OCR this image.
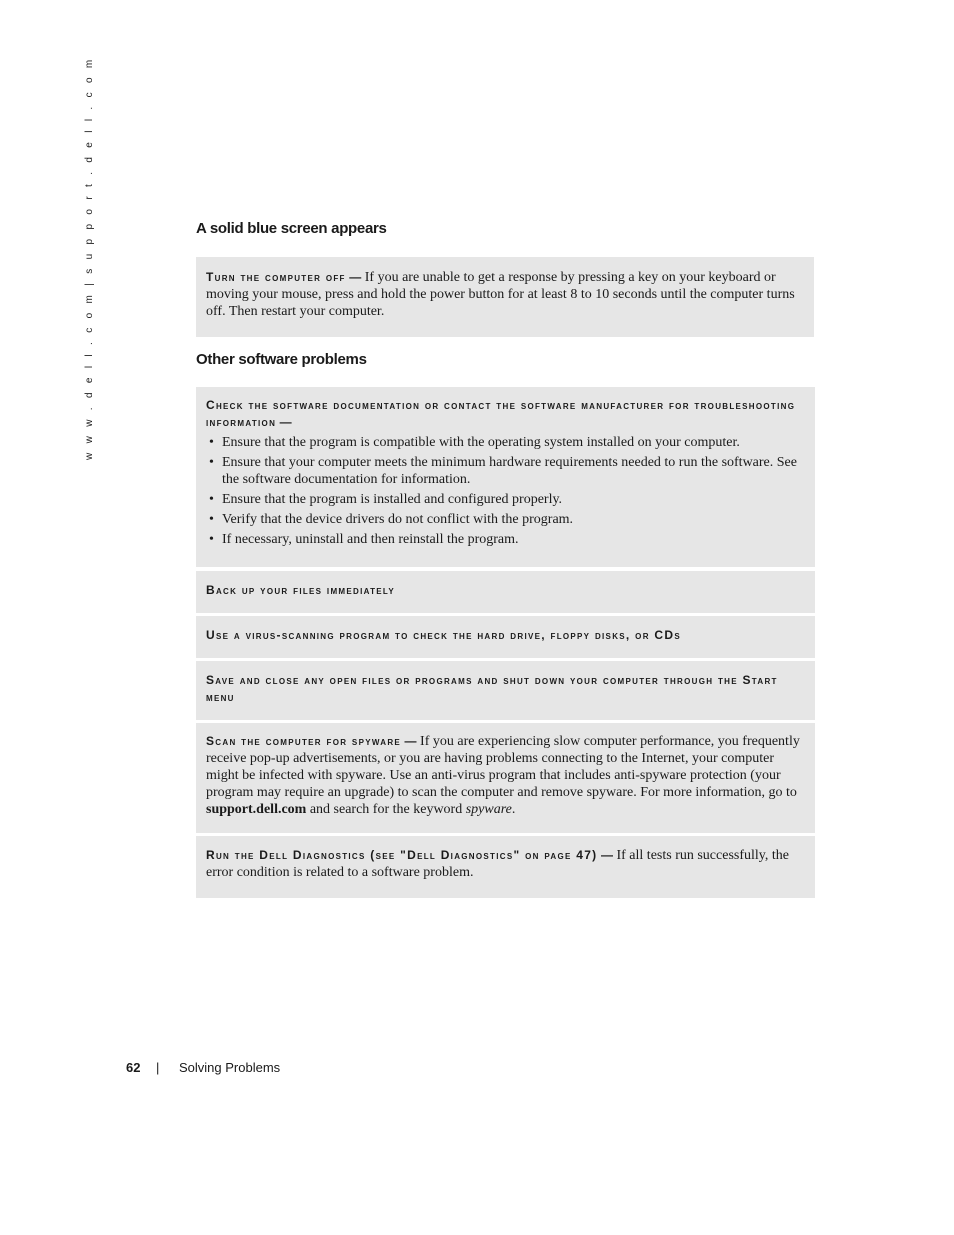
w w w . d e l l . c o m | s u p p o r t . d e l l . c o m	A solid blue screen appears
Turn the computer off — If you are unable to get a response by pressing a key on your keyboard or moving your mouse, press and hold the power button for at least 8 to 10 seconds until the computer turns off. Then restart your computer.
Other software problems
Check the software documentation or contact the software manufacturer for troubleshooting information —
• Ensure that the program is compatible with the operating system installed on your computer.
• Ensure that your computer meets the minimum hardware requirements needed to run the software. See the software documentation for information.
• Ensure that the program is installed and configured properly.
• Verify that the device drivers do not conflict with the program.
• If necessary, uninstall and then reinstall the program.
Back up your files immediately
Use a virus-scanning program to check the hard drive, floppy disks, or CDs
Save and close any open files or programs and shut down your computer through the Start menu
Scan the computer for spyware — If you are experiencing slow computer performance, you frequently receive pop-up advertisements, or you are having problems connecting to the Internet, your computer might be infected with spyware. Use an anti-virus program that includes anti-spyware protection (your program may require an upgrade) to scan the computer and remove spyware. For more information, go to support.dell.com and search for the keyword spyware.
Run the Dell Diagnostics (see "Dell Diagnostics" on page 47) — If all tests run successfully, the error condition is related to a software problem.
62 | Solving Problems
